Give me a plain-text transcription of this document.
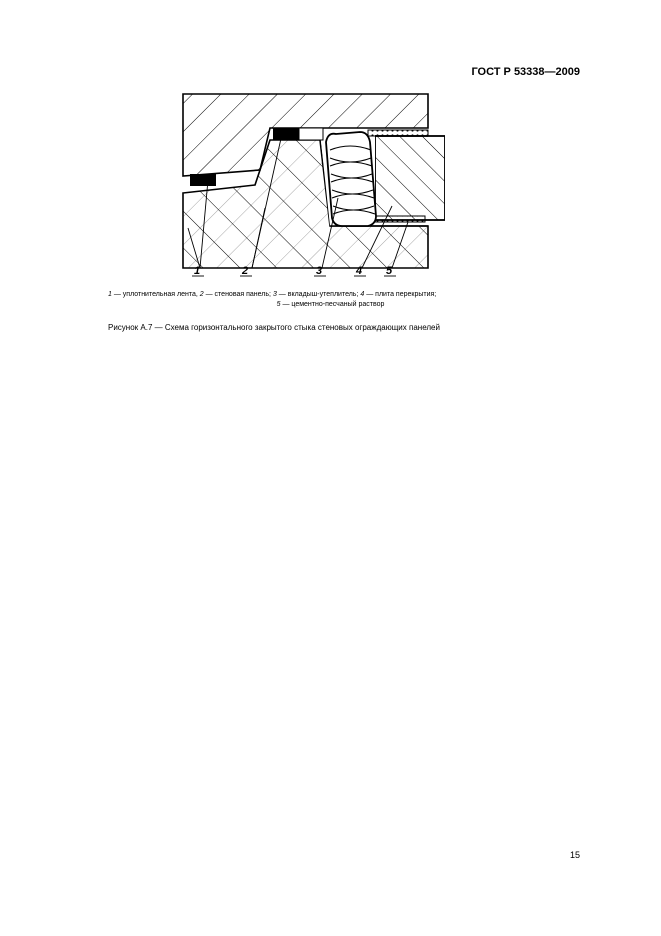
ГОСТ Р 53338—2009
1	2	3	4 5
1 — уплотнительная лента, 2 — стеновая панель; 3 — вкладыш-утеплитель; 4 — плита перекрытия;
5 — цементно-песчаный раствор
Рисунок А.7 — Схема горизонтального закрытого стыка стеновых ограждающих панелей
15
